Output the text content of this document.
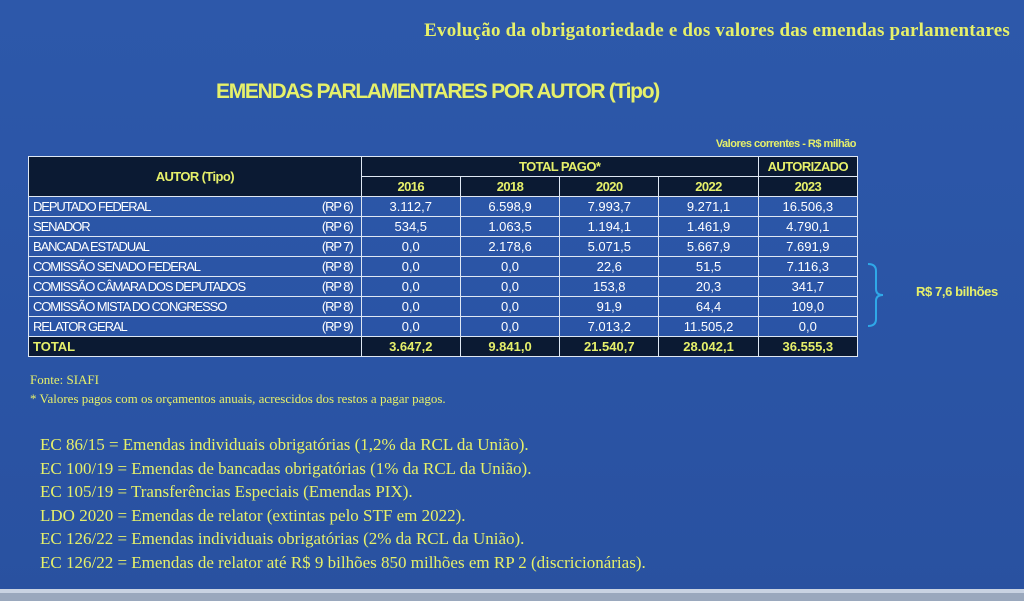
Evolução da obrigatoriedade e dos valores das emendas parlamentares
EMENDAS PARLAMENTARES POR AUTOR (Tipo)
Valores correntes - R$ milhão
AUTOR (Tipo)	TOTAL PAGO*				AUTORIZADO
	2016	2018	2020	2022	2023
DEPUTADO FEDERAL (RP 6)	3.112,7	6.598,9	7.993,7	9.271,1	16.506,3
SENADOR (RP 6)	534,5	1.063,5	1.194,1	1.461,9	4.790,1
BANCADA ESTADUAL (RP 7)	0,0	2.178,6	5.071,5	5.667,9	7.691,9
COMISSÃO SENADO FEDERAL (RP 8)	0,0	0,0	22,6	51,5	7.116,3
COMISSÃO CÂMARA DOS DEPUTADOS (RP 8)	0,0	0,0	153,8	20,3	341,7
COMISSÃO MISTA DO CONGRESSO (RP 8)	0,0	0,0	91,9	64,4	109,0
RELATOR GERAL (RP 9)	0,0	0,0	7.013,2	11.505,2	0,0
TOTAL	3.647,2	9.841,0	21.540,7	28.042,1	36.555,3
R$ 7,6 bilhões
Fonte: SIAFI
* Valores pagos com os orçamentos anuais, acrescidos dos restos a pagar pagos.
EC 86/15 = Emendas individuais obrigatórias (1,2% da RCL da União).
EC 100/19 = Emendas de bancadas obrigatórias (1% da RCL da União).
EC 105/19 = Transferências Especiais (Emendas PIX).
LDO 2020 = Emendas de relator (extintas pelo STF em 2022).
EC 126/22 = Emendas individuais obrigatórias (2% da RCL da União).
EC 126/22 = Emendas de relator até R$ 9 bilhões 850 milhões em RP 2 (discricionárias).
